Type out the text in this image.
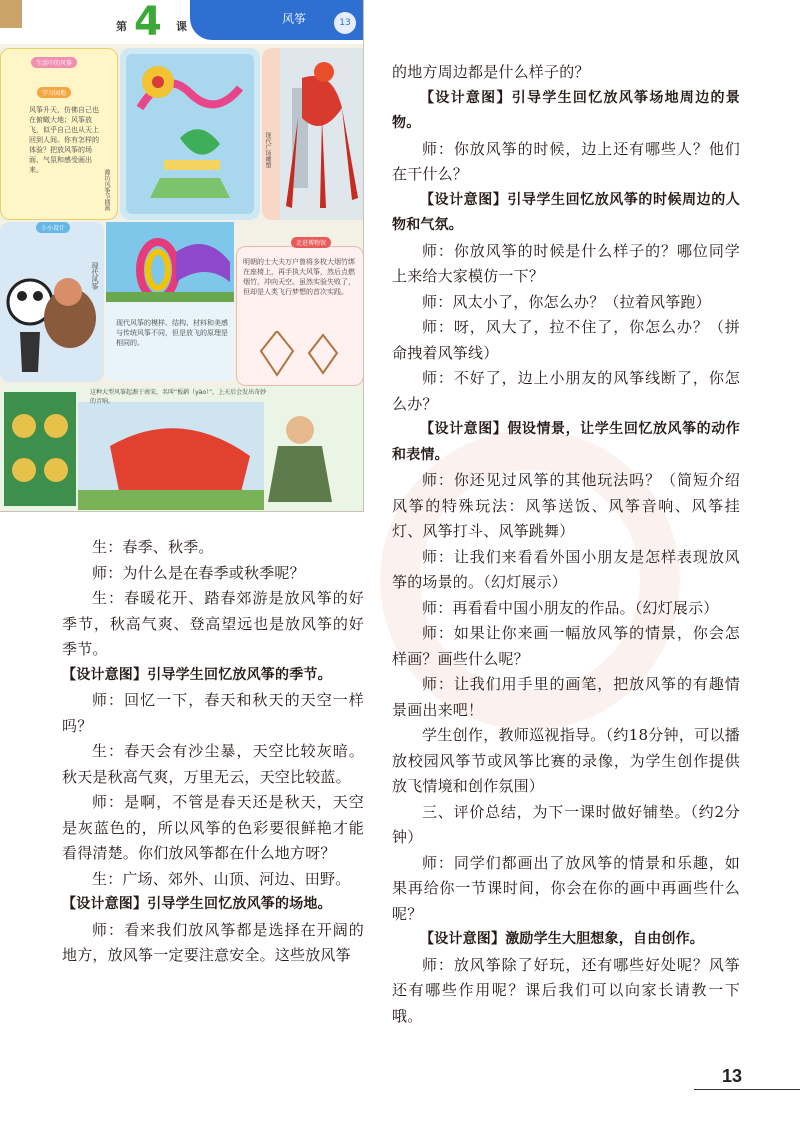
第 4 课
风筝	13
生活中的风筝
学习园地
风筝升天，仿佛自己也在俯瞰大地；风筝放飞，似乎自己也从天上回到人间。你有怎样的体验？把放风筝的场面、气氛和感受画出来。	潍坊风筝节插画
现代广场雕塑
小小设计
现代风筝
现代风筝的模样、结构、材料和美感与传统风筝不同，但是放飞的原理是相同的。
走进博物馆
明朝的士大夫万户曾将多枚大烟竹绑在座椅上，再手执大风筝，然后点燃烟竹，冲向天空。虽然实验失败了，但却是人类飞行梦想的首次实践。
这种大型风筝起源于南宋，名叫“板鹞（yào）”，上天后会发出奇妙的音响。

生：春季、秋季。

师：为什么是在春季或秋季呢？

生：春暖花开、踏春郊游是放风筝的好季节，秋高气爽、登高望远也是放风筝的好季节。

【设计意图】引导学生回忆放风筝的季节。

师：回忆一下，春天和秋天的天空一样吗？

生：春天会有沙尘暴，天空比较灰暗。秋天是秋高气爽，万里无云，天空比较蓝。

师：是啊，不管是春天还是秋天，天空是灰蓝色的，所以风筝的色彩要很鲜艳才能看得清楚。你们放风筝都在什么地方呀？

生：广场、郊外、山顶、河边、田野。

【设计意图】引导学生回忆放风筝的场地。

师：看来我们放风筝都是选择在开阔的地方，放风筝一定要注意安全。这些放风筝

的地方周边都是什么样子的？

【设计意图】引导学生回忆放风筝场地周边的景物。

师：你放风筝的时候，边上还有哪些人？他们在干什么？

【设计意图】引导学生回忆放风筝的时候周边的人物和气氛。

师：你放风筝的时候是什么样子的？哪位同学上来给大家模仿一下？

师：风太小了，你怎么办？（拉着风筝跑）

师：呀，风大了，拉不住了，你怎么办？（拼命拽着风筝线）

师：不好了，边上小朋友的风筝线断了，你怎么办？

【设计意图】假设情景，让学生回忆放风筝的动作和表情。

师：你还见过风筝的其他玩法吗？（简短介绍风筝的特殊玩法：风筝送饭、风筝音响、风筝挂灯、风筝打斗、风筝跳舞）

师：让我们来看看外国小朋友是怎样表现放风筝的场景的。（幻灯展示）

师：再看看中国小朋友的作品。（幻灯展示）

师：如果让你来画一幅放风筝的情景，你会怎样画？画些什么呢？

师：让我们用手里的画笔，把放风筝的有趣情景画出来吧！

学生创作，教师巡视指导。（约18分钟，可以播放校园风筝节或风筝比赛的录像，为学生创作提供放飞情境和创作氛围）

三、评价总结，为下一课时做好铺垫。（约2分钟）

师：同学们都画出了放风筝的情景和乐趣，如果再给你一节课时间，你会在你的画中再画些什么呢？

【设计意图】激励学生大胆想象，自由创作。

师：放风筝除了好玩，还有哪些好处呢？风筝还有哪些作用呢？课后我们可以向家长请教一下哦。

13
